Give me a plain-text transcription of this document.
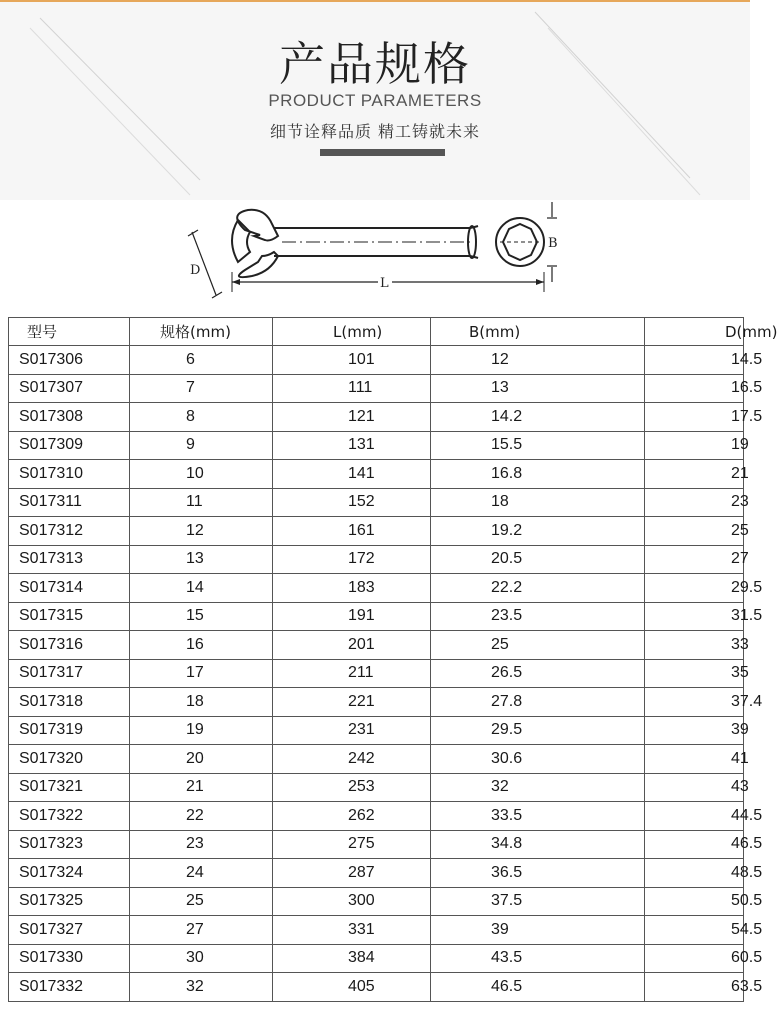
产品规格
PRODUCT PARAMETERS
细节诠释品质 精工铸就未来
B
D
L
型号	规格(mm)	L(mm)	B(mm)	D(mm)
S017306	6	101	12	14.5
S017307	7	111	13	16.5
S017308	8	121	14.2	17.5
S017309	9	131	15.5	19
S017310	10	141	16.8	21
S017311	11	152	18	23
S017312	12	161	19.2	25
S017313	13	172	20.5	27
S017314	14	183	22.2	29.5
S017315	15	191	23.5	31.5
S017316	16	201	25	33
S017317	17	211	26.5	35
S017318	18	221	27.8	37.4
S017319	19	231	29.5	39
S017320	20	242	30.6	41
S017321	21	253	32	43
S017322	22	262	33.5	44.5
S017323	23	275	34.8	46.5
S017324	24	287	36.5	48.5
S017325	25	300	37.5	50.5
S017327	27	331	39	54.5
S017330	30	384	43.5	60.5
S017332	32	405	46.5	63.5
